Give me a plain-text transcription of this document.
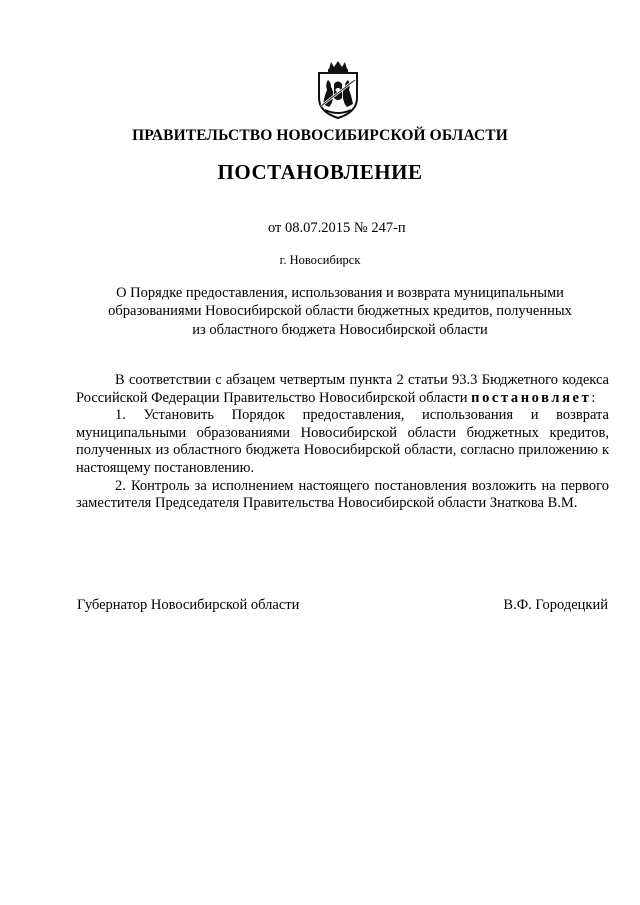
ПРАВИТЕЛЬСТВО НОВОСИБИРСКОЙ ОБЛАСТИ
ПОСТАНОВЛЕНИЕ
от 08.07.2015 № 247-п
г. Новосибирск
О Порядке предоставления, использования и возврата муниципальными
образованиями Новосибирской области бюджетных кредитов, полученных
из областного бюджета Новосибирской области

В соответствии с абзацем четвертым пункта 2 статьи 93.3 Бюджетного кодекса Российской Федерации Правительство Новосибирской области постановляет:

1. Установить Порядок предоставления, использования и возврата муниципальными образованиями Новосибирской области бюджетных кредитов, полученных из областного бюджета Новосибирской области, согласно приложению к настоящему постановлению.

2. Контроль за исполнением настоящего постановления возложить на первого заместителя Председателя Правительства Новосибирской области Знаткова В.М.

Губернатор Новосибирской области	В.Ф. Городецкий
